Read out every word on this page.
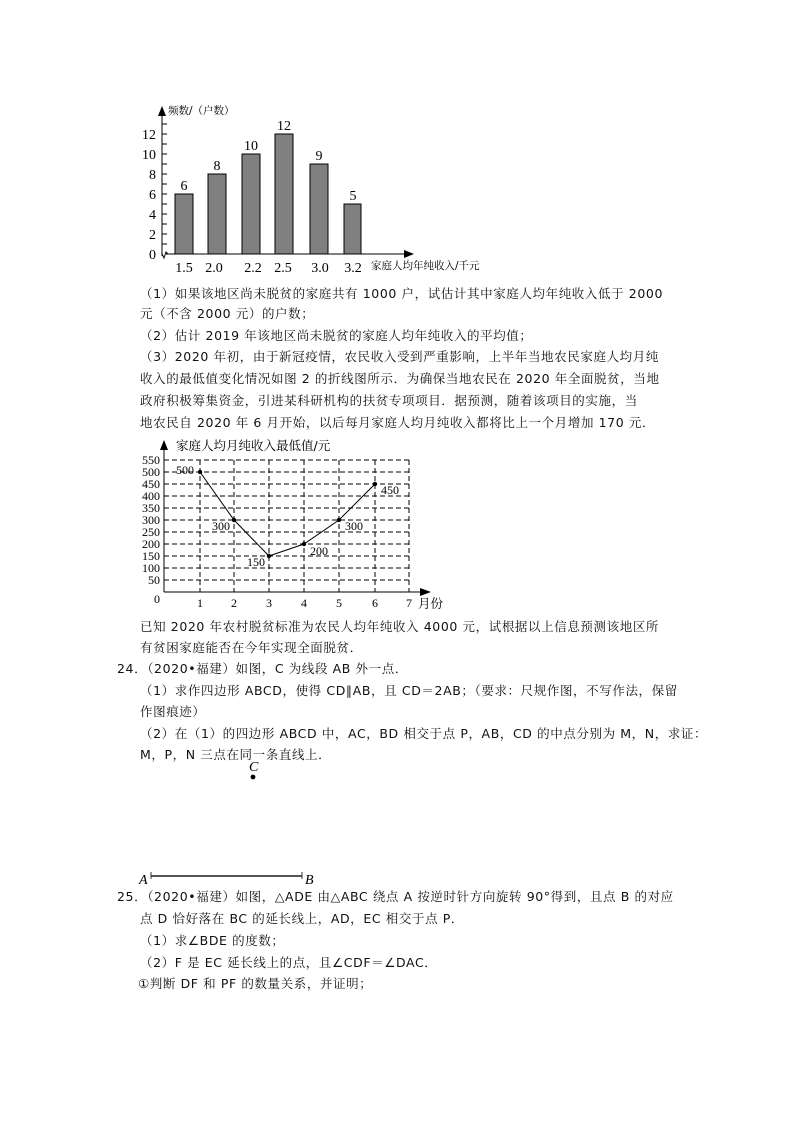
0
2
4
6
8
10
12
频数/（户数）
6
8
10
12
9
5
1.5 2.0 2.2 2.5 3.0 3.2 家庭人均年纯收入/千元
（1）如果该地区尚未脱贫的家庭共有 1000 户，试估计其中家庭人均年纯收入低于 2000
元（不含 2000 元）的户数；
（2）估计 2019 年该地区尚未脱贫的家庭人均年纯收入的平均值；
（3）2020 年初，由于新冠疫情，农民收入受到严重影响，上半年当地农民家庭人均月纯
收入的最低值变化情况如图 2 的折线图所示．为确保当地农民在 2020 年全面脱贫，当地
政府积极筹集资金，引进某科研机构的扶贫专项项目．据预测，随着该项目的实施，当
地农民自 2020 年 6 月开始，以后每月家庭人均月纯收入都将比上一个月增加 170 元．
家庭人均月纯收入最低值/元
0
50
100
150
200
250
300
350
400
450
500
550
1 2 3 4 5	6 7 月份
500
300
150
200
300
450
已知 2020 年农村脱贫标准为农民人均年纯收入 4000 元，试根据以上信息预测该地区所
有贫困家庭能否在今年实现全面脱贫．
24．（2020•福建）如图，C 为线段 AB 外一点．
（1）求作四边形 ABCD，使得 CD∥AB，且 CD＝2AB；（要求：尺规作图，不写作法，保留
作图痕迹）
（2）在（1）的四边形 ABCD 中，AC，BD 相交于点 P，AB，CD 的中点分别为 M，N，求证：
M，P，N 三点在同一条直线上．
C
A	B
25．（2020•福建）如图，△ADE 由△ABC 绕点 A 按逆时针方向旋转 90°得到，且点 B 的对应
点 D 恰好落在 BC 的延长线上，AD，EC 相交于点 P．
（1）求∠BDE 的度数；
（2）F 是 EC 延长线上的点，且∠CDF＝∠DAC．
①判断 DF 和 PF 的数量关系，并证明；
